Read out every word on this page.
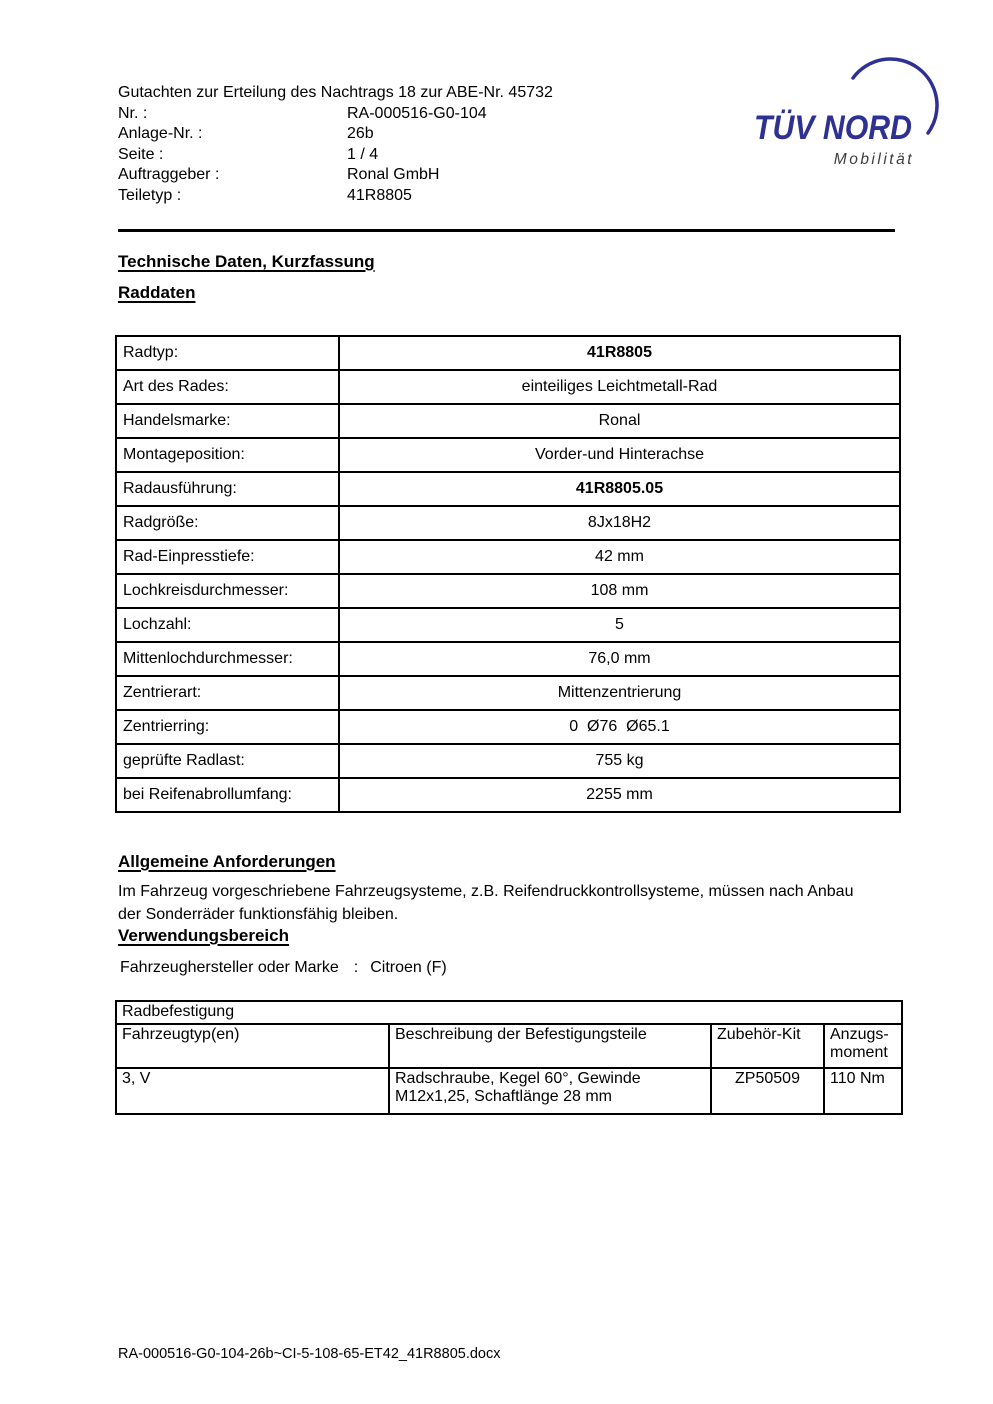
Gutachten zur Erteilung des Nachtrags 18 zur ABE-Nr. 45732
Nr. :	RA-000516-G0-104
Anlage-Nr. :	26b
Seite :	1 / 4
Auftraggeber :	Ronal GmbH
Teiletyp :	41R8805
TÜV NORD
Mobilität
Technische Daten, Kurzfassung
Raddaten
Radtyp:	41R8805
Art des Rades:	einteiliges Leichtmetall-Rad
Handelsmarke:	Ronal
Montageposition:	Vorder-und Hinterachse
Radausführung:	41R8805.05
Radgröße:	8Jx18H2
Rad-Einpresstiefe:	42 mm
Lochkreisdurchmesser:	108 mm
Lochzahl:	5
Mittenlochdurchmesser:	76,0 mm
Zentrierart:	Mittenzentrierung
Zentrierring:	0  Ø76  Ø65.1
geprüfte Radlast:	755 kg
bei Reifenabrollumfang:	2255 mm
Allgemeine Anforderungen

Im Fahrzeug vorgeschriebene Fahrzeugsysteme, z.B. Reifendruckkontrollsysteme, müssen nach Anbau der Sonderräder funktionsfähig bleiben.

Verwendungsbereich
Fahrzeughersteller oder Marke : Citroen (F)
Radbefestigung			
Fahrzeugtyp(en)	Beschreibung der Befestigungsteile	Zubehör-Kit	Anzugs-moment
3, V	Radschraube, Kegel 60°, Gewinde M12x1,25, Schaftlänge 28 mm	ZP50509	110 Nm
RA-000516-G0-104-26b~CI-5-108-65-ET42_41R8805.docx
